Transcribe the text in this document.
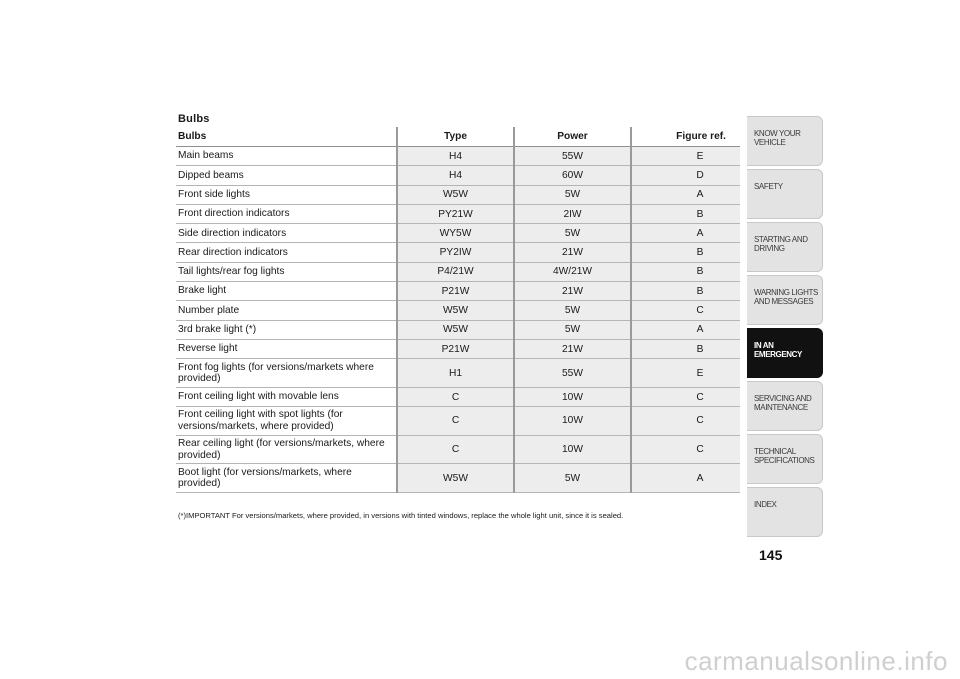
Bulbs
Bulbs	Type	Power	Figure ref.
Main beams	H4	55W	E
Dipped beams	H4	60W	D
Front side lights	W5W	5W	A
Front direction indicators	PY21W	2IW	B
Side direction indicators	WY5W	5W	A
Rear direction indicators	PY2IW	21W	B
Tail lights/rear fog lights	P4/21W	4W/21W	B
Brake light	P21W	21W	B
Number plate	W5W	5W	C
3rd brake light (*)	W5W	5W	A
Reverse light	P21W	21W	B
Front fog lights (for versions/markets where provided)	H1	55W	E
Front ceiling light with movable lens	C	10W	C
Front ceiling light with spot lights (for versions/markets, where provided)	C	10W	C
Rear ceiling light (for versions/markets, where provided)	C	10W	C
Boot light (for versions/markets, where provided)	W5W	5W	A
(*)IMPORTANT For versions/markets, where provided, in versions with tinted windows, replace the whole light unit, since it is sealed.
KNOW YOUR VEHICLE
SAFETY
STARTING AND DRIVING
WARNING LIGHTS AND MESSAGES
IN AN EMERGENCY
SERVICING AND MAINTENANCE
TECHNICAL SPECIFICATIONS
INDEX
145
carmanualsonline.info
